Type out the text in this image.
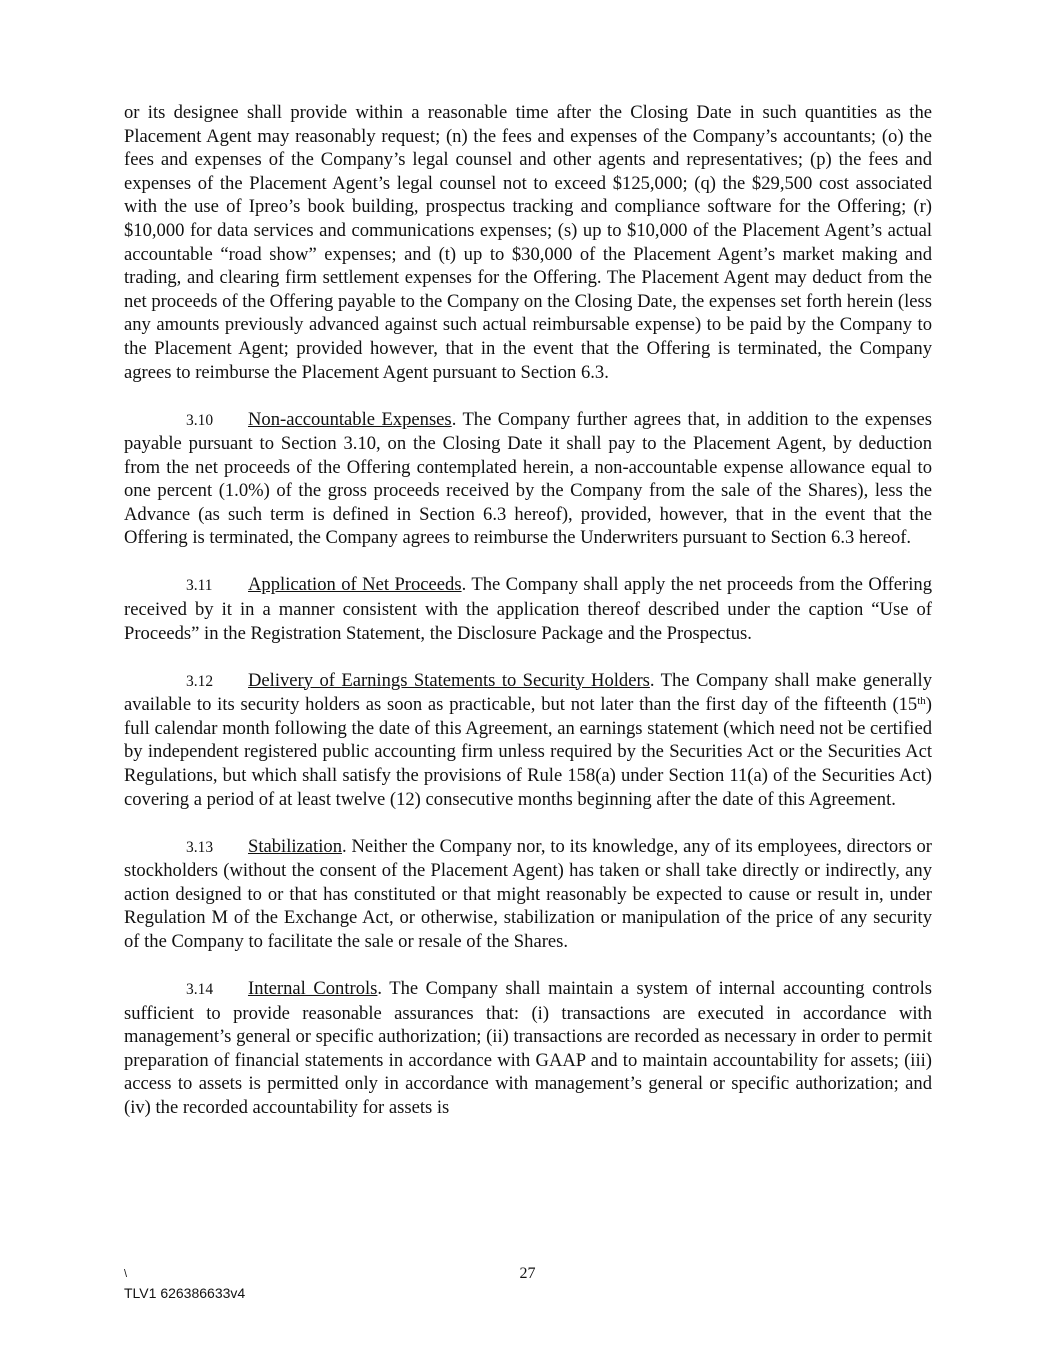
or its designee shall provide within a reasonable time after the Closing Date in such quantities as the Placement Agent may reasonably request; (n) the fees and expenses of the Company’s accountants; (o) the fees and expenses of the Company’s legal counsel and other agents and representatives; (p) the fees and expenses of the Placement Agent’s legal counsel not to exceed $125,000; (q) the $29,500 cost associated with the use of Ipreo’s book building, prospectus tracking and compliance software for the Offering; (r) $10,000 for data services and communications expenses; (s) up to $10,000 of the Placement Agent’s actual accountable “road show” expenses; and (t) up to $30,000 of the Placement Agent’s market making and trading, and clearing firm settlement expenses for the Offering. The Placement Agent may deduct from the net proceeds of the Offering payable to the Company on the Closing Date, the expenses set forth herein (less any amounts previously advanced against such actual reimbursable expense) to be paid by the Company to the Placement Agent; provided however, that in the event that the Offering is terminated, the Company agrees to reimburse the Placement Agent pursuant to Section 6.3.

3.10 Non-accountable Expenses. The Company further agrees that, in addition to the expenses payable pursuant to Section 3.10, on the Closing Date it shall pay to the Placement Agent, by deduction from the net proceeds of the Offering contemplated herein, a non-accountable expense allowance equal to one percent (1.0%) of the gross proceeds received by the Company from the sale of the Shares), less the Advance (as such term is defined in Section 6.3 hereof), provided, however, that in the event that the Offering is terminated, the Company agrees to reimburse the Underwriters pursuant to Section 6.3 hereof.

3.11 Application of Net Proceeds. The Company shall apply the net proceeds from the Offering received by it in a manner consistent with the application thereof described under the caption “Use of Proceeds” in the Registration Statement, the Disclosure Package and the Prospectus.

3.12 Delivery of Earnings Statements to Security Holders. The Company shall make generally available to its security holders as soon as practicable, but not later than the first day of the fifteenth (15th) full calendar month following the date of this Agreement, an earnings statement (which need not be certified by independent registered public accounting firm unless required by the Securities Act or the Securities Act Regulations, but which shall satisfy the provisions of Rule 158(a) under Section 11(a) of the Securities Act) covering a period of at least twelve (12) consecutive months beginning after the date of this Agreement.

3.13 Stabilization. Neither the Company nor, to its knowledge, any of its employees, directors or stockholders (without the consent of the Placement Agent) has taken or shall take directly or indirectly, any action designed to or that has constituted or that might reasonably be expected to cause or result in, under Regulation M of the Exchange Act, or otherwise, stabilization or manipulation of the price of any security of the Company to facilitate the sale or resale of the Shares.

3.14 Internal Controls. The Company shall maintain a system of internal accounting controls sufficient to provide reasonable assurances that: (i) transactions are executed in accordance with management’s general or specific authorization; (ii) transactions are recorded as necessary in order to permit preparation of financial statements in accordance with GAAP and to maintain accountability for assets; (iii) access to assets is permitted only in accordance with management’s general or specific authorization; and (iv) the recorded accountability for assets is

\	27
TLV1 626386633v4
